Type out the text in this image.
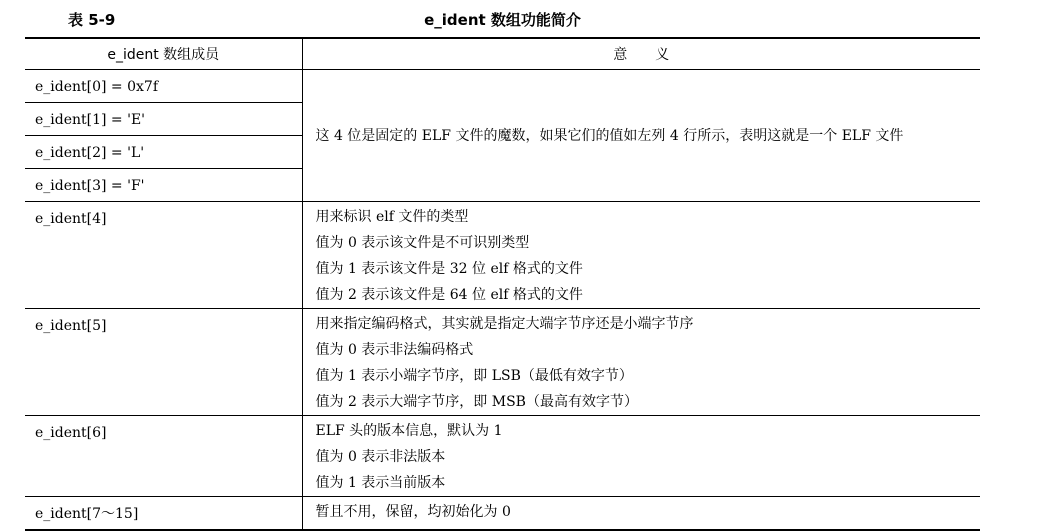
表 5-9	e_ident 数组功能简介
e_ident 数组成员	意　　义
e_ident[0] = 0x7f	这 4 位是固定的 ELF 文件的魔数，如果它们的值如左列 4 行所示，表明这就是一个 ELF 文件
e_ident[1] = 'E'	
e_ident[2] = 'L'	
e_ident[3] = 'F'	
e_ident[4]	用来标识 elf 文件的类型
值为 0 表示该文件是不可识别类型
值为 1 表示该文件是 32 位 elf 格式的文件
值为 2 表示该文件是 64 位 elf 格式的文件

e_ident[5]	用来指定编码格式，其实就是指定大端字节序还是小端字节序
值为 0 表示非法编码格式
值为 1 表示小端字节序，即 LSB（最低有效字节）
值为 2 表示大端字节序，即 MSB（最高有效字节）

e_ident[6]	ELF 头的版本信息，默认为 1
值为 0 表示非法版本
值为 1 表示当前版本

e_ident[7～15]	暂且不用，保留，均初始化为 0
